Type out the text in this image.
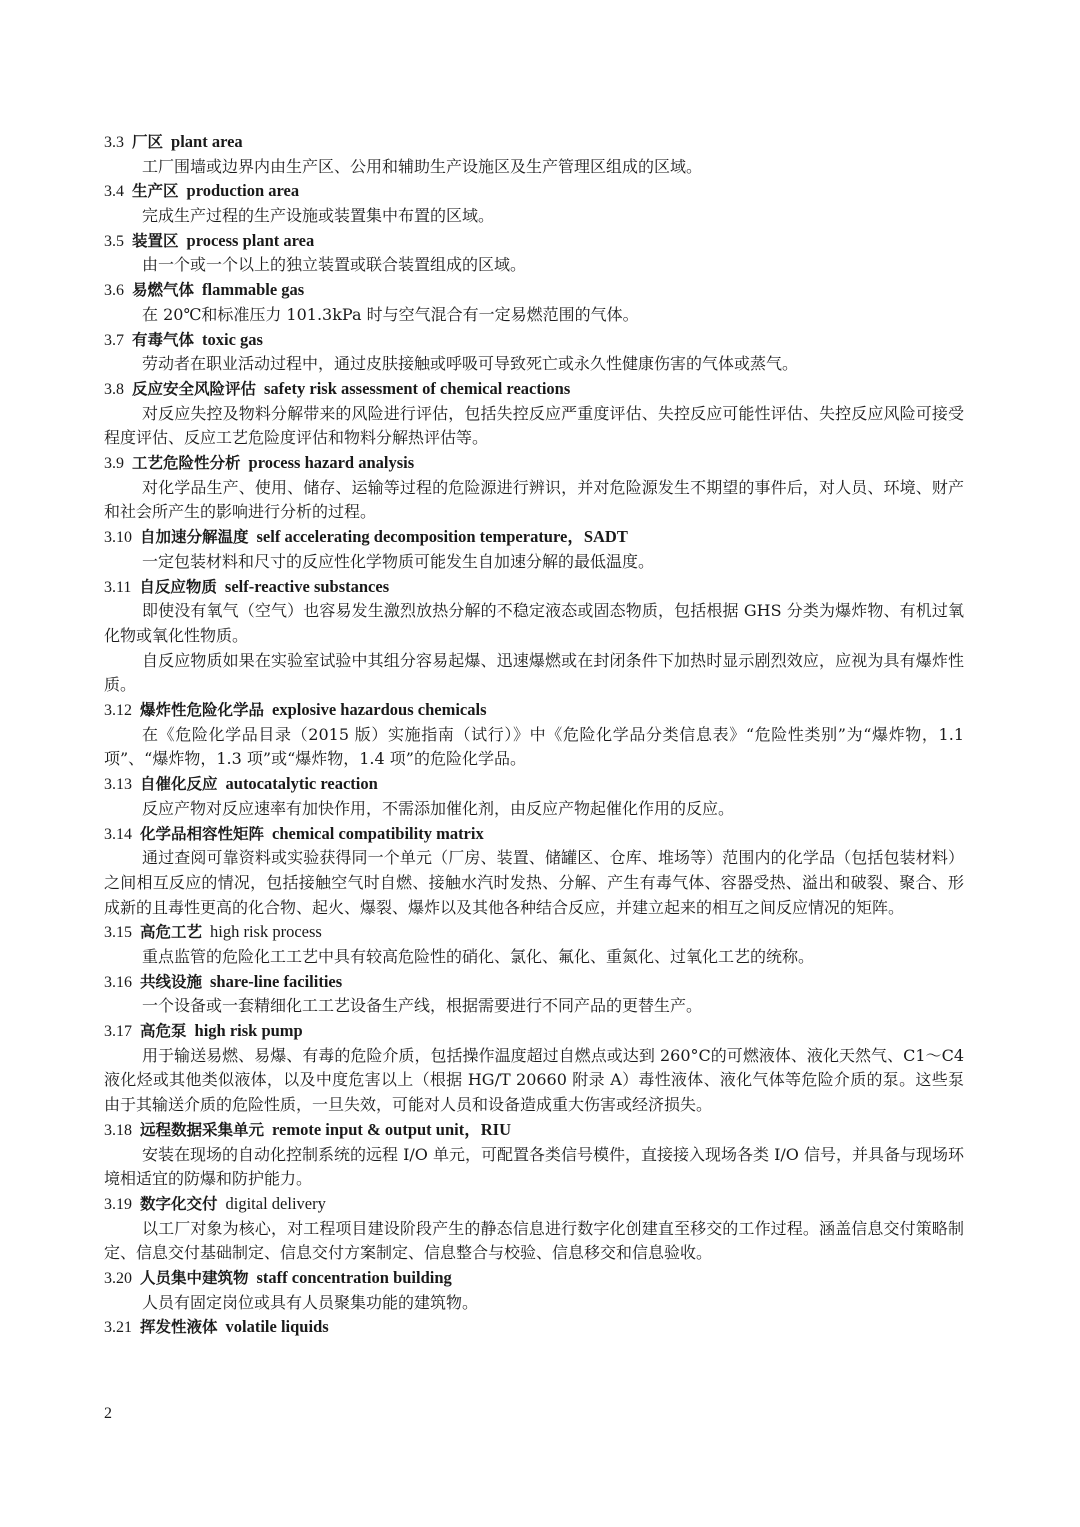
3.3 厂区 plant area

工厂围墙或边界内由生产区、公用和辅助生产设施区及生产管理区组成的区域。

3.4 生产区 production area

完成生产过程的生产设施或装置集中布置的区域。

3.5 装置区 process plant area

由一个或一个以上的独立装置或联合装置组成的区域。

3.6 易燃气体 flammable gas

在 20℃和标准压力 101.3kPa 时与空气混合有一定易燃范围的气体。

3.7 有毒气体 toxic gas

劳动者在职业活动过程中，通过皮肤接触或呼吸可导致死亡或永久性健康伤害的气体或蒸气。

3.8 反应安全风险评估 safety risk assessment of chemical reactions

对反应失控及物料分解带来的风险进行评估，包括失控反应严重度评估、失控反应可能性评估、失控反应风险可接受程度评估、反应工艺危险度评估和物料分解热评估等。

3.9 工艺危险性分析 process hazard analysis

对化学品生产、使用、储存、运输等过程的危险源进行辨识，并对危险源发生不期望的事件后，对人员、环境、财产和社会所产生的影响进行分析的过程。

3.10 自加速分解温度 self accelerating decomposition temperature，SADT

一定包装材料和尺寸的反应性化学物质可能发生自加速分解的最低温度。

3.11 自反应物质 self-reactive substances

即使没有氧气（空气）也容易发生激烈放热分解的不稳定液态或固态物质，包括根据 GHS 分类为爆炸物、有机过氧化物或氧化性物质。

自反应物质如果在实验室试验中其组分容易起爆、迅速爆燃或在封闭条件下加热时显示剧烈效应，应视为具有爆炸性质。

3.12 爆炸性危险化学品 explosive hazardous chemicals

在《危险化学品目录（2015 版）实施指南（试行）》中《危险化学品分类信息表》“危险性类别”为“爆炸物，1.1 项”、“爆炸物，1.3 项”或“爆炸物，1.4 项”的危险化学品。

3.13 自催化反应 autocatalytic reaction

反应产物对反应速率有加快作用，不需添加催化剂，由反应产物起催化作用的反应。

3.14 化学品相容性矩阵 chemical compatibility matrix

通过查阅可靠资料或实验获得同一个单元（厂房、装置、储罐区、仓库、堆场等）范围内的化学品（包括包装材料）之间相互反应的情况，包括接触空气时自燃、接触水汽时发热、分解、产生有毒气体、容器受热、溢出和破裂、聚合、形成新的且毒性更高的化合物、起火、爆裂、爆炸以及其他各种结合反应，并建立起来的相互之间反应情况的矩阵。

3.15 高危工艺 high risk process

重点监管的危险化工工艺中具有较高危险性的硝化、氯化、氟化、重氮化、过氧化工艺的统称。

3.16 共线设施 share-line facilities

一个设备或一套精细化工工艺设备生产线，根据需要进行不同产品的更替生产。

3.17 高危泵 high risk pump

用于输送易燃、易爆、有毒的危险介质，包括操作温度超过自燃点或达到 260°C的可燃液体、液化天然气、C1～C4 液化烃或其他类似液体，以及中度危害以上（根据 HG/T 20660 附录 A）毒性液体、液化气体等危险介质的泵。这些泵由于其输送介质的危险性质，一旦失效，可能对人员和设备造成重大伤害或经济损失。

3.18 远程数据采集单元 remote input & output unit，RIU

安装在现场的自动化控制系统的远程 I/O 单元，可配置各类信号模件，直接接入现场各类 I/O 信号，并具备与现场环境相适宜的防爆和防护能力。

3.19 数字化交付 digital delivery

以工厂对象为核心，对工程项目建设阶段产生的静态信息进行数字化创建直至移交的工作过程。涵盖信息交付策略制定、信息交付基础制定、信息交付方案制定、信息整合与校验、信息移交和信息验收。

3.20 人员集中建筑物 staff concentration building

人员有固定岗位或具有人员聚集功能的建筑物。

3.21 挥发性液体 volatile liquids
2
